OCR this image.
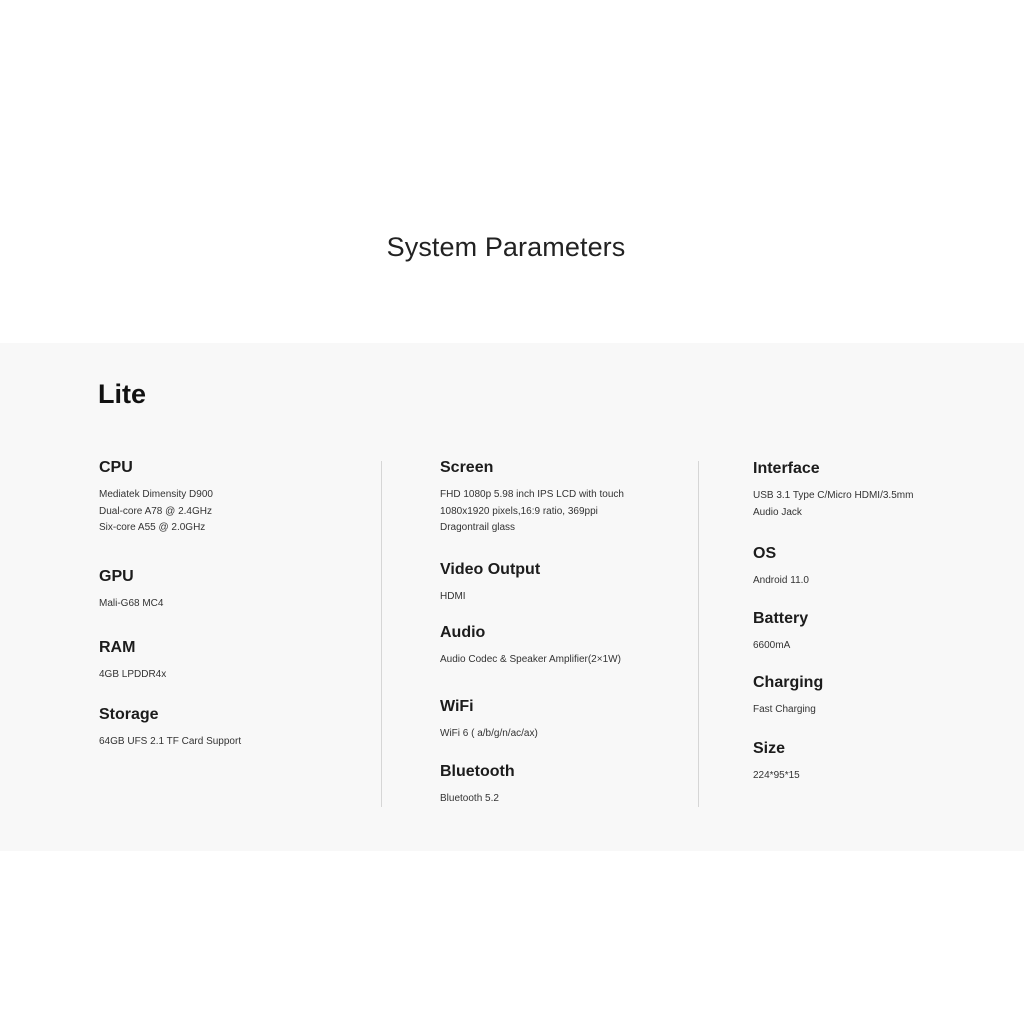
System Parameters
Lite
CPU
Mediatek Dimensity D900
Dual-core A78 @ 2.4GHz
Six-core A55 @ 2.0GHz
GPU
Mali-G68 MC4
RAM
4GB LPDDR4x
Storage
64GB UFS 2.1 TF Card Support
Screen
FHD 1080p 5.98 inch IPS LCD with touch
1080x1920 pixels,16:9 ratio, 369ppi
Dragontrail glass
Video Output
HDMI
Audio
Audio Codec & Speaker Amplifier(2×1W)
WiFi
WiFi 6 ( a/b/g/n/ac/ax)
Bluetooth
Bluetooth 5.2
Interface
USB 3.1 Type C/Micro HDMI/3.5mm
Audio Jack
OS
Android 11.0
Battery
6600mA
Charging
Fast Charging
Size
224*95*15
